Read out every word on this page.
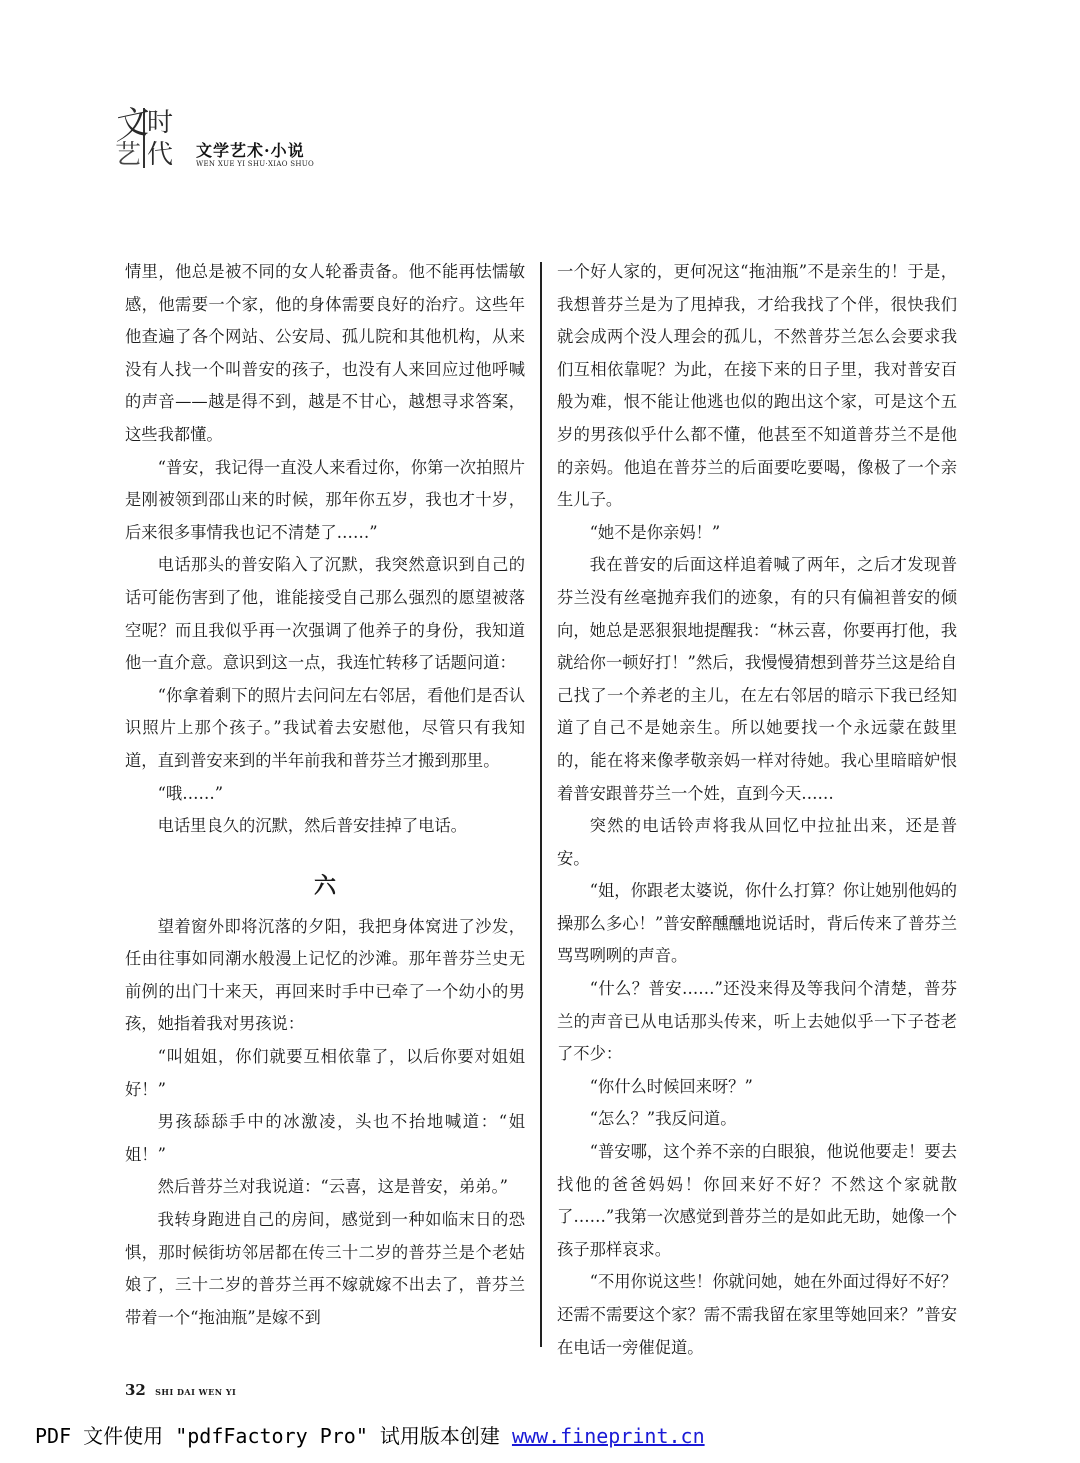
文
时
艺 代 文学艺术·小说
WEN XUE YI SHU·XIAO SHUO

情里，他总是被不同的女人轮番责备。他不能再怯懦敏感，他需要一个家，他的身体需要良好的治疗。这些年他查遍了各个网站、公安局、孤儿院和其他机构，从来没有人找一个叫普安的孩子，也没有人来回应过他呼喊的声音——越是得不到，越是不甘心，越想寻求答案，这些我都懂。

“普安，我记得一直没人来看过你，你第一次拍照片是刚被领到邵山来的时候，那年你五岁，我也才十岁，后来很多事情我也记不清楚了……”

电话那头的普安陷入了沉默，我突然意识到自己的话可能伤害到了他，谁能接受自己那么强烈的愿望被落空呢？而且我似乎再一次强调了他养子的身份，我知道他一直介意。意识到这一点，我连忙转移了话题问道：

“你拿着剩下的照片去问问左右邻居，看他们是否认识照片上那个孩子。”我试着去安慰他，尽管只有我知道，直到普安来到的半年前我和普芬兰才搬到那里。

“哦……”

电话里良久的沉默，然后普安挂掉了电话。

六

望着窗外即将沉落的夕阳，我把身体窝进了沙发，任由往事如同潮水般漫上记忆的沙滩。那年普芬兰史无前例的出门十来天，再回来时手中已牵了一个幼小的男孩，她指着我对男孩说：

“叫姐姐，你们就要互相依靠了，以后你要对姐姐好！”

男孩舔舔手中的冰激凌，头也不抬地喊道：“姐姐！”

然后普芬兰对我说道：“云喜，这是普安，弟弟。”

我转身跑进自己的房间，感觉到一种如临末日的恐惧，那时候街坊邻居都在传三十二岁的普芬兰是个老姑娘了，三十二岁的普芬兰再不嫁就嫁不出去了，普芬兰带着一个“拖油瓶”是嫁不到

一个好人家的，更何况这“拖油瓶”不是亲生的！于是，我想普芬兰是为了甩掉我，才给我找了个伴，很快我们就会成两个没人理会的孤儿，不然普芬兰怎么会要求我们互相依靠呢？为此，在接下来的日子里，我对普安百般为难，恨不能让他逃也似的跑出这个家，可是这个五岁的男孩似乎什么都不懂，他甚至不知道普芬兰不是他的亲妈。他追在普芬兰的后面要吃要喝，像极了一个亲生儿子。

“她不是你亲妈！”

我在普安的后面这样追着喊了两年，之后才发现普芬兰没有丝毫抛弃我们的迹象，有的只有偏袒普安的倾向，她总是恶狠狠地提醒我：“林云喜，你要再打他，我就给你一顿好打！”然后，我慢慢猜想到普芬兰这是给自己找了一个养老的主儿，在左右邻居的暗示下我已经知道了自己不是她亲生。所以她要找一个永远蒙在鼓里的，能在将来像孝敬亲妈一样对待她。我心里暗暗妒恨着普安跟普芬兰一个姓，直到今天……

突然的电话铃声将我从回忆中拉扯出来，还是普安。

“姐，你跟老太婆说，你什么打算？你让她别他妈的操那么多心！”普安醉醺醺地说话时，背后传来了普芬兰骂骂咧咧的声音。

“什么？普安……”还没来得及等我问个清楚，普芬兰的声音已从电话那头传来，听上去她似乎一下子苍老了不少：

“你什么时候回来呀？”

“怎么？”我反问道。

“普安哪，这个养不亲的白眼狼，他说他要走！要去找他的爸爸妈妈！你回来好不好？不然这个家就散了……”我第一次感觉到普芬兰的是如此无助，她像一个孩子那样哀求。

“不用你说这些！你就问她，她在外面过得好不好？还需不需要这个家？需不需我留在家里等她回来？”普安在电话一旁催促道。

32 SHI DAI WEN YI
PDF 文件使用 "pdfFactory Pro" 试用版本创建 www.fineprint.cn
